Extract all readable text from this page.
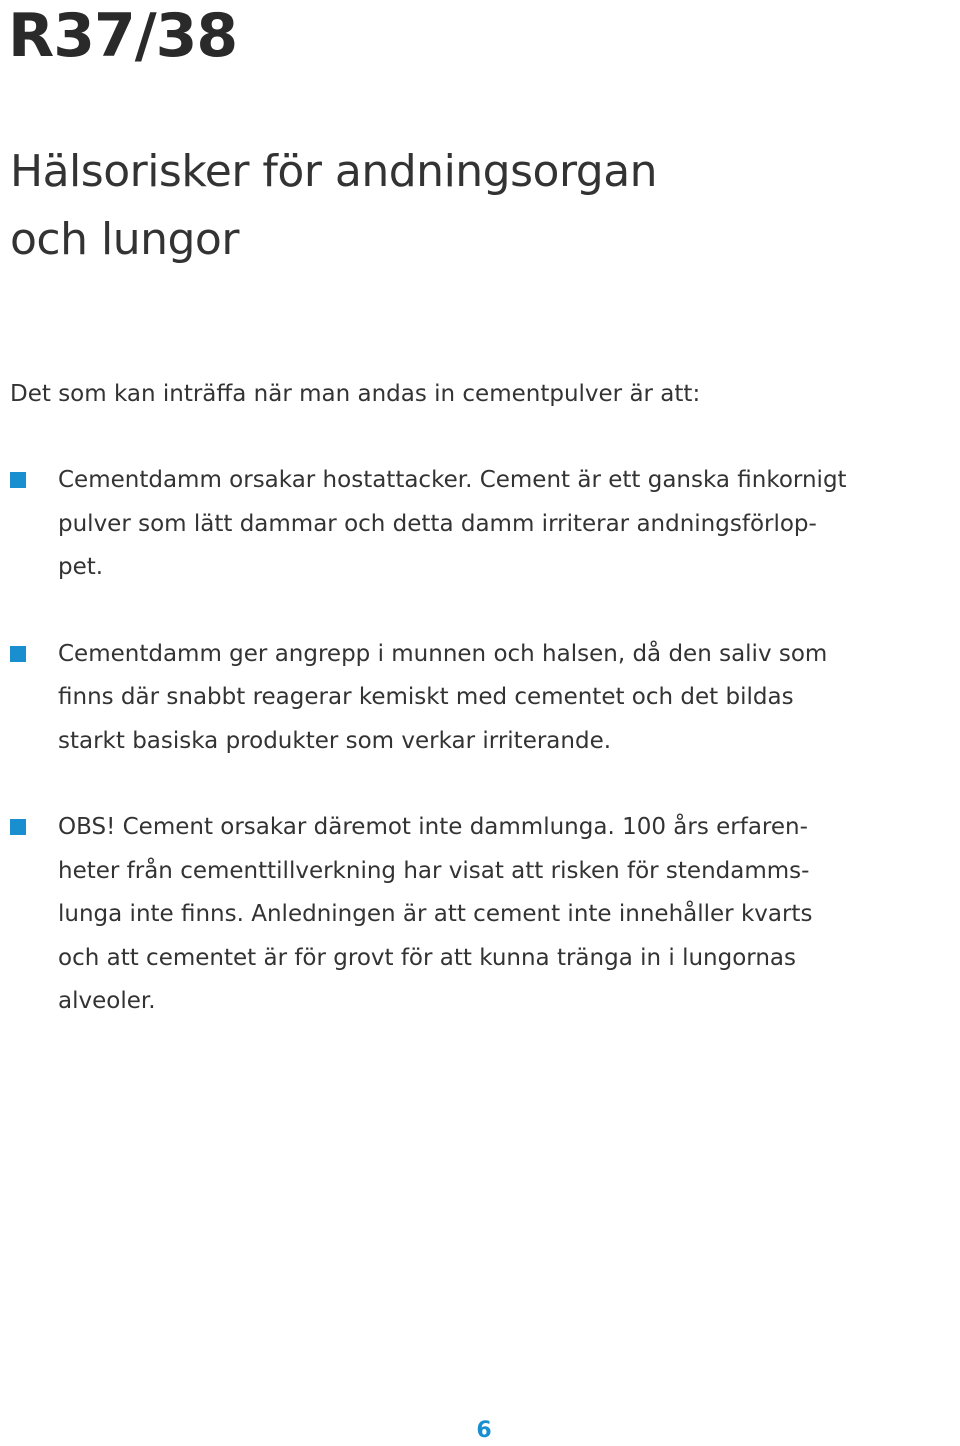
R37/38
Hälsorisker för andningsorgan
och lungor

Det som kan inträffa när man andas in cementpulver är att:

Cementdamm orsakar hostattacker. Cement är ett ganska finkornigt
pulver som lätt dammar och detta damm irriterar andningsförlop-
pet.
Cementdamm ger angrepp i munnen och halsen, då den saliv som
finns där snabbt reagerar kemiskt med cementet och det bildas
starkt basiska produkter som verkar irriterande.
OBS! Cement orsakar däremot inte dammlunga. 100 års erfaren-
heter från cementtillverkning har visat att risken för stendamms-
lunga inte finns. Anledningen är att cement inte innehåller kvarts
och att cementet är för grovt för att kunna tränga in i lungornas
alveoler.
6
